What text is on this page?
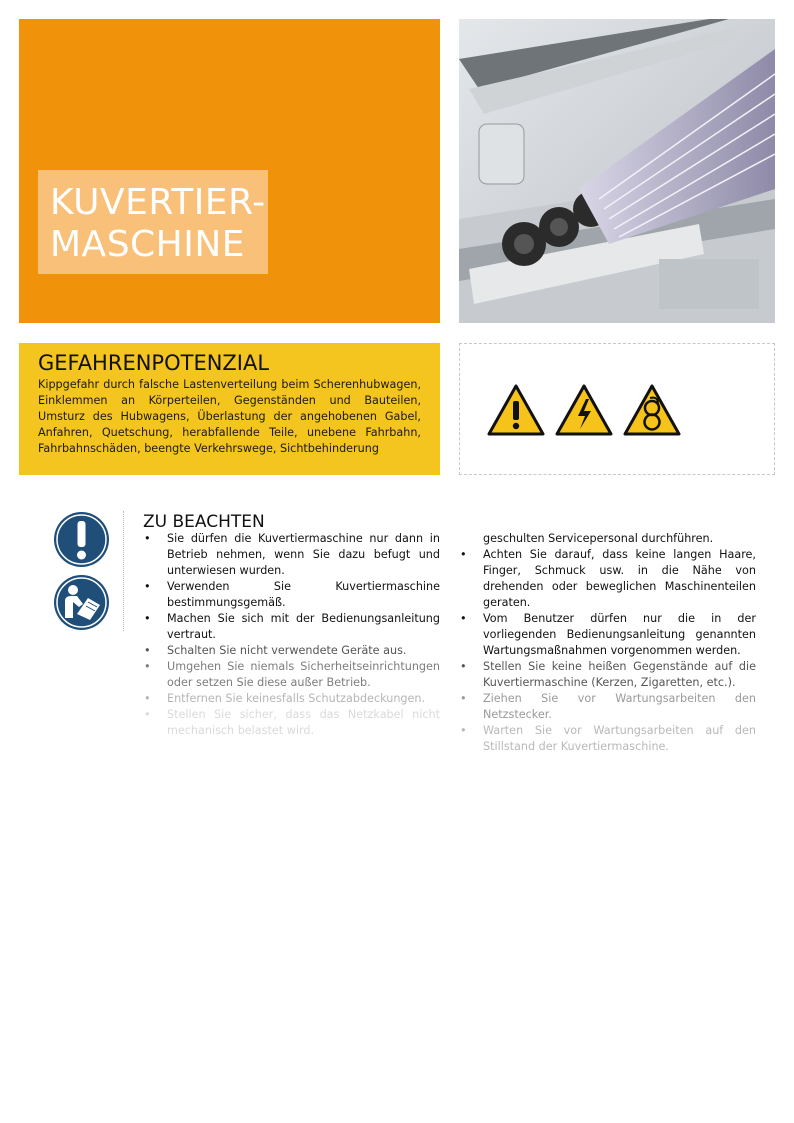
KUVERTIER-
MASCHINE
GEFAHRENPOTENZIAL

Kippgefahr durch falsche Lastenverteilung beim Scherenhubwagen, Einklemmen an Körperteilen, Gegenständen und Bauteilen, Umsturz des Hubwagens, Überlastung der angehobenen Gabel, Anfahren, Quetschung, herabfallende Teile, unebene Fahrbahn, Fahrbahnschäden, beengte Verkehrswege, Sichtbehinderung

ZU BEACHTEN
• Sie dürfen die Kuvertiermaschine nur dann in Betrieb nehmen, wenn Sie dazu befugt und unterwiesen wurden.
• Verwenden Sie Kuvertiermaschine bestimmungsgemäß.
• Machen Sie sich mit der Bedienungsanleitung vertraut.
• Schalten Sie nicht verwendete Geräte aus.
• Umgehen Sie niemals Sicherheitseinrichtungen oder setzen Sie diese außer Betrieb.
• Entfernen Sie keinesfalls Schutzabdeckungen.
• Stellen Sie sicher, dass das Netzkabel nicht mechanisch belastet wird.
geschulten Servicepersonal durchführen.
• Achten Sie darauf, dass keine langen Haare, Finger, Schmuck usw. in die Nähe von drehenden oder beweglichen Maschinenteilen geraten.
• Vom Benutzer dürfen nur die in der vorliegenden Bedienungsanleitung genannten Wartungsmaßnahmen vorgenommen werden.
• Stellen Sie keine heißen Gegenstände auf die Kuvertiermaschine (Kerzen, Zigaretten, etc.).
• Ziehen Sie vor Wartungsarbeiten den Netzstecker.
• Warten Sie vor Wartungsarbeiten auf den Stillstand der Kuvertiermaschine.
